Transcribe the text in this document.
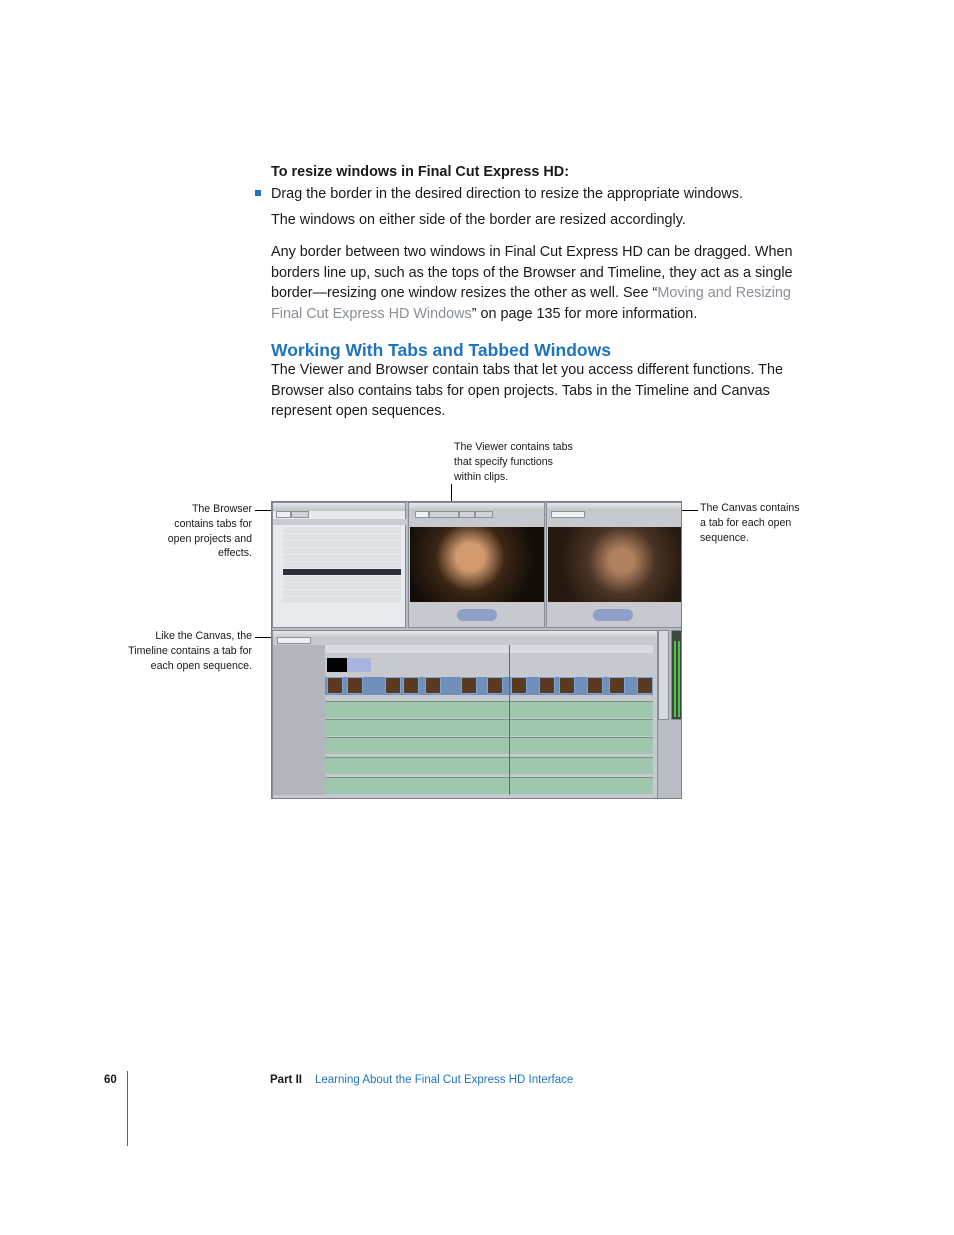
To resize windows in Final Cut Express HD:
Drag the border in the desired direction to resize the appropriate windows.
The windows on either side of the border are resized accordingly.
Any border between two windows in Final Cut Express HD can be dragged. When borders line up, such as the tops of the Browser and Timeline, they act as a single border—resizing one window resizes the other as well. See “Moving and Resizing Final Cut Express HD Windows” on page 135 for more information.
Working With Tabs and Tabbed Windows
The Viewer and Browser contain tabs that let you access different functions. The Browser also contains tabs for open projects. Tabs in the Timeline and Canvas represent open sequences.
The Viewer contains tabs that specify functions within clips.
The Browser contains tabs for open projects and effects.
The Canvas contains a tab for each open sequence.
Like the Canvas, the Timeline contains a tab for each open sequence.
60	Part II Learning About the Final Cut Express HD Interface
